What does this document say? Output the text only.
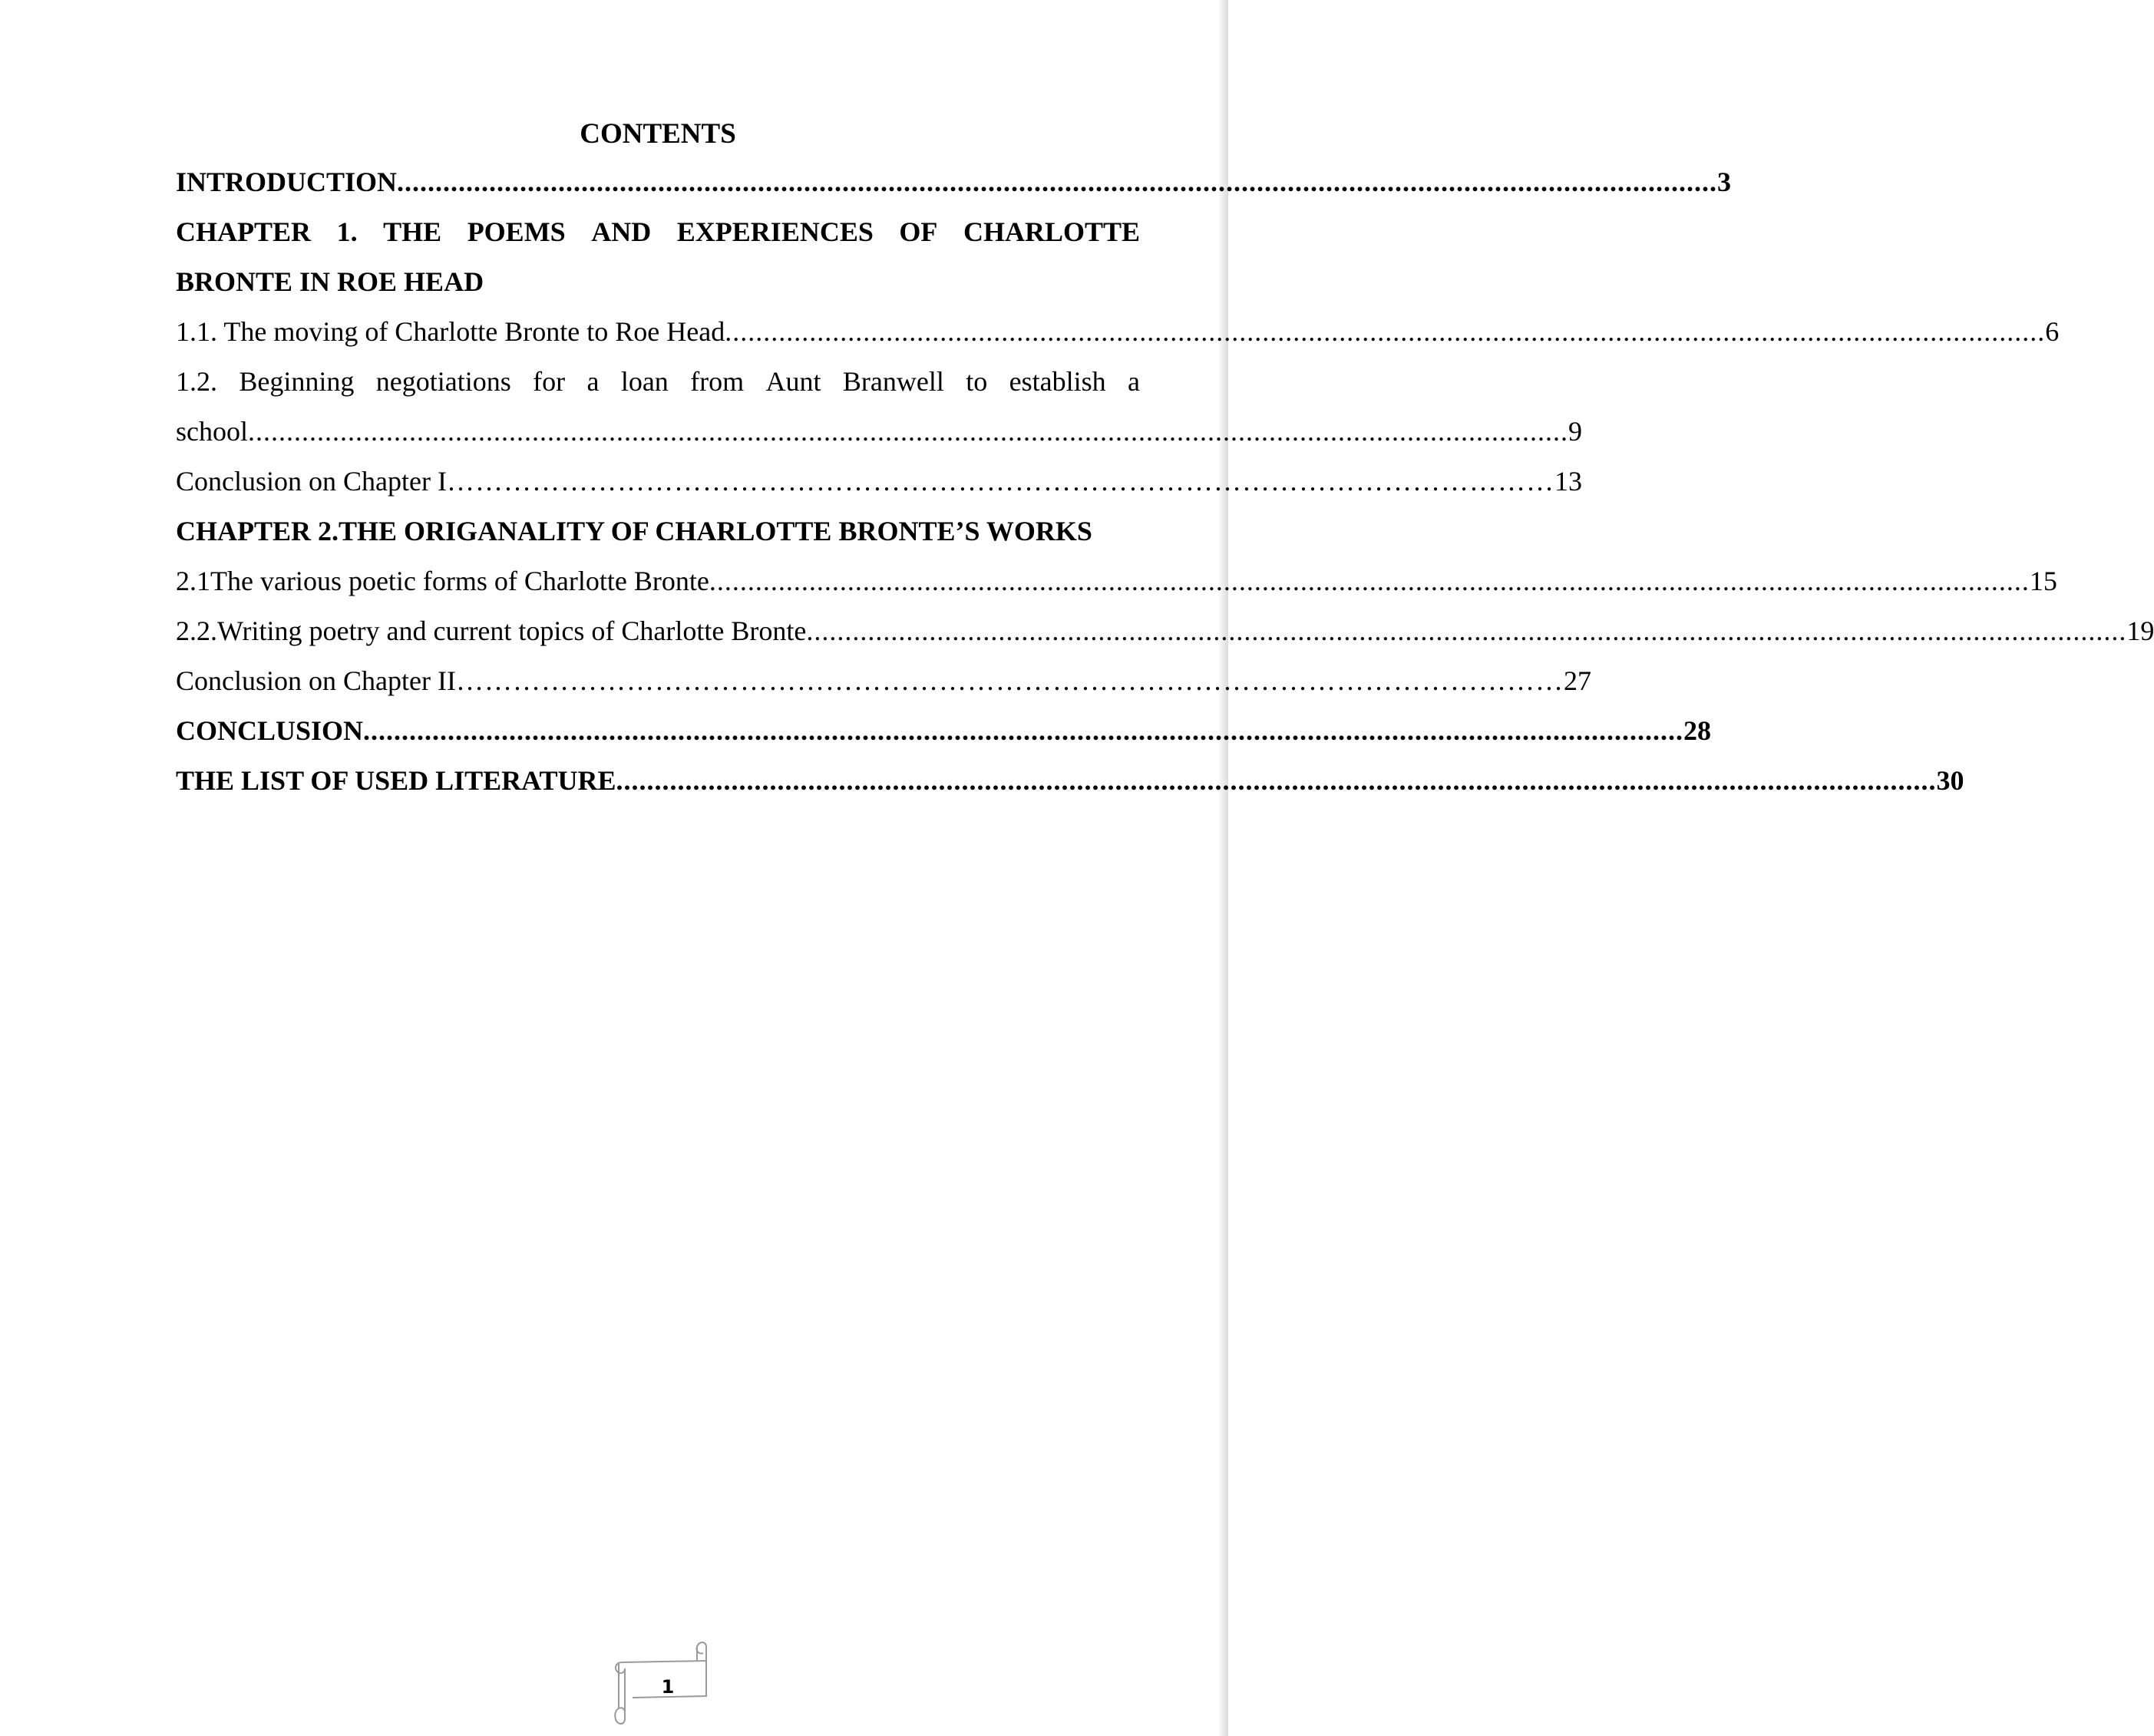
CONTENTS
INTRODUCTION ............................................................................................................................................................................ 3
CHAPTER 1. THE POEMS AND EXPERIENCES OF CHARLOTTE
BRONTE IN ROE HEAD
1.1. The moving of Charlotte Bronte to Roe Head ............................................................................................................................................................................ 6
1.2. Beginning negotiations for a loan from Aunt Branwell to establish a
school ............................................................................................................................................................................ 9
Conclusion on Chapter I ……………………………………………………………………………………………………… 13
CHAPTER 2.THE ORIGANALITY OF CHARLOTTE BRONTE’S WORKS
2.1The various poetic forms of Charlotte Bronte ............................................................................................................................................................................ 15
2.2.Writing poetry and current topics of Charlotte Bronte ............................................................................................................................................................................ 19
Conclusion on Chapter II ……………………………………………………………………………………………………… 27
CONCLUSION ............................................................................................................................................................................ 28
THE LIST OF USED LITERATURE ............................................................................................................................................................................ 30
1
